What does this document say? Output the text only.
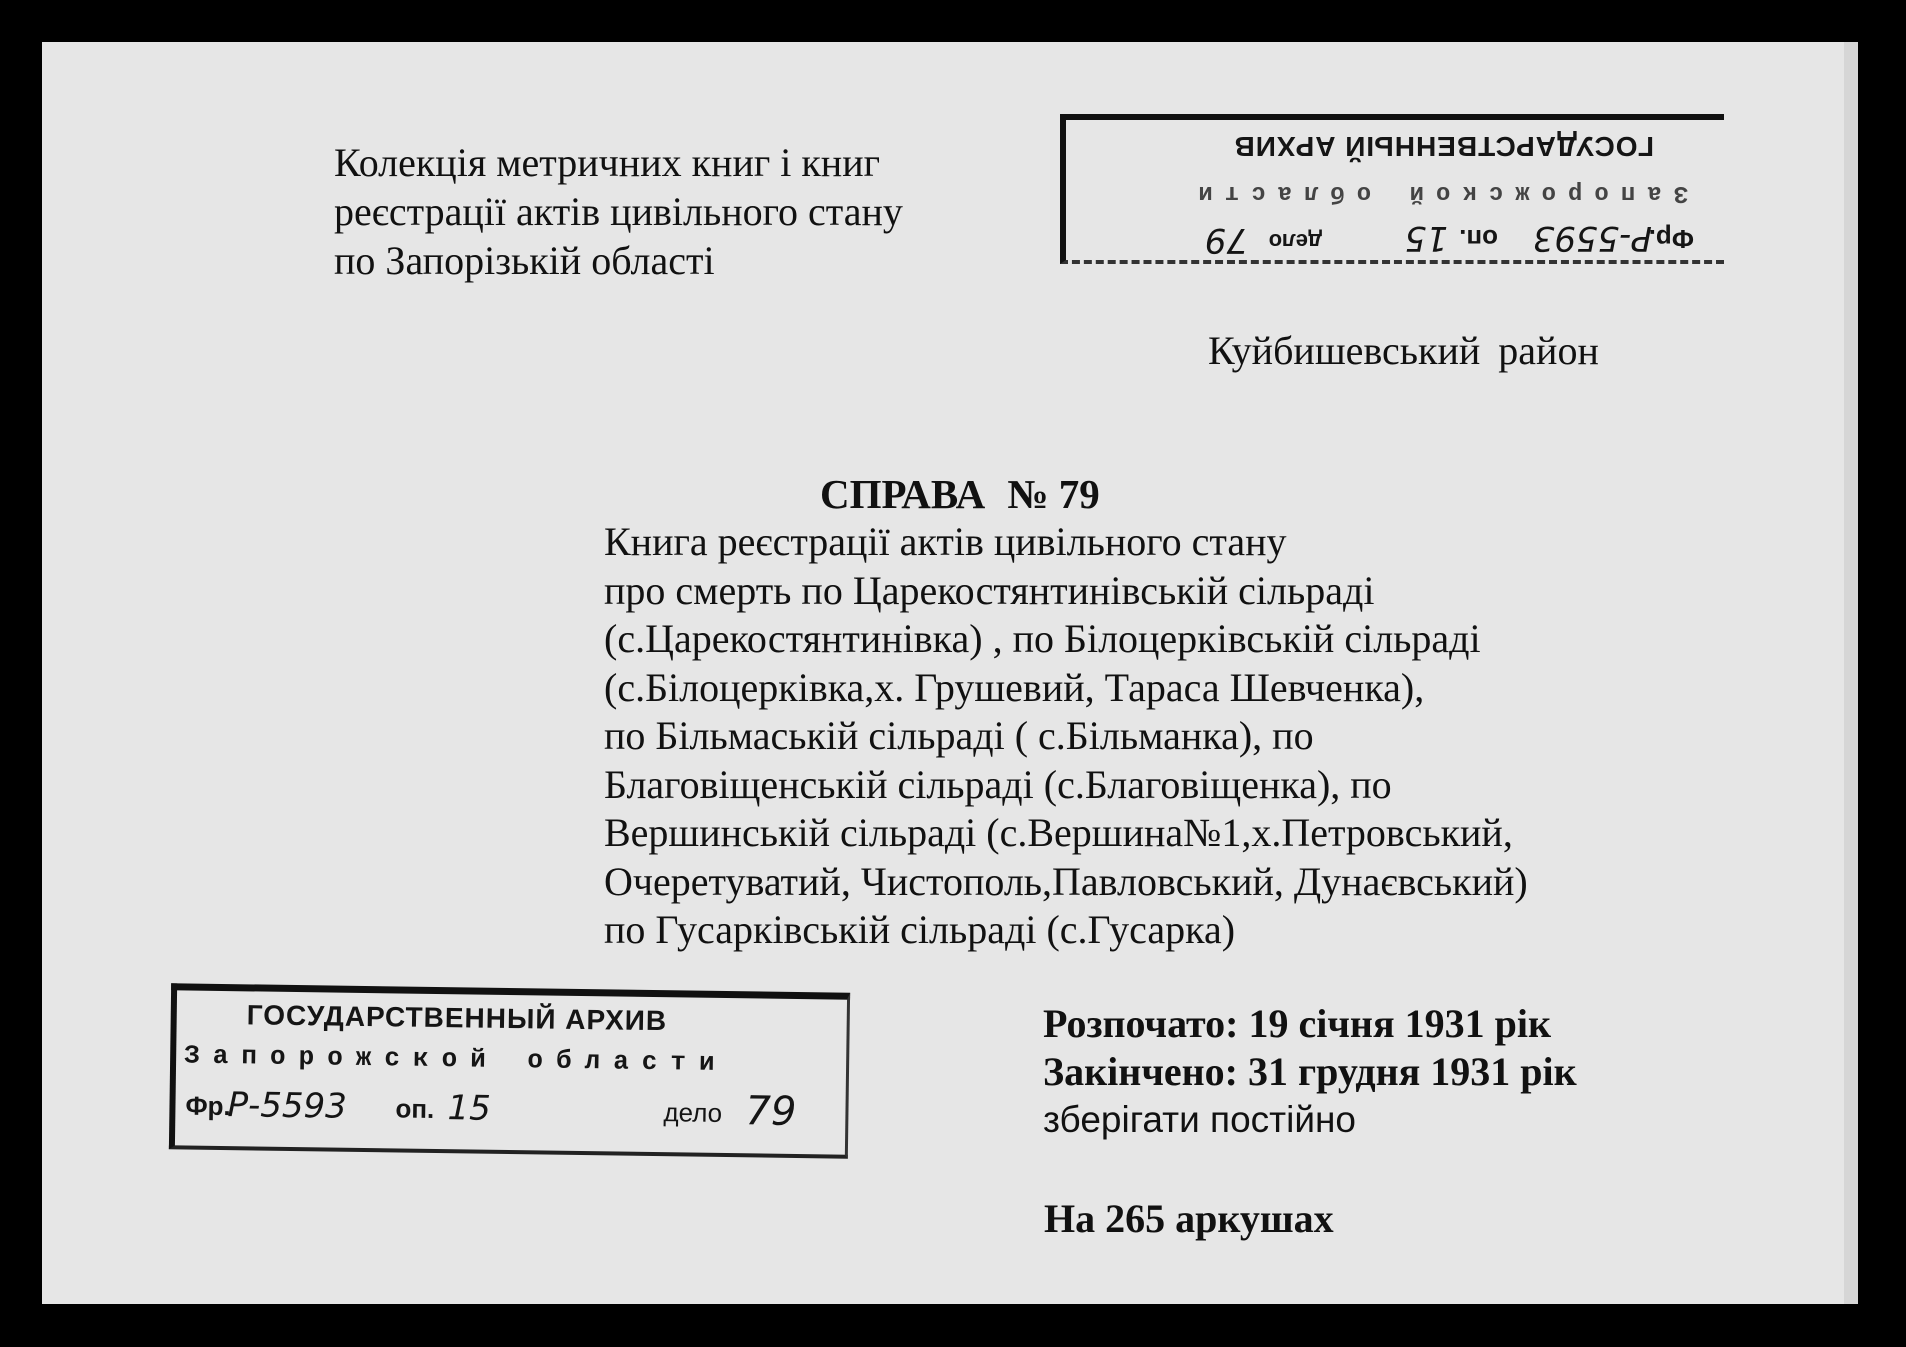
Колекція метричних книг і книг
реєстрації актів цивільного стану
по Запорізькій області	Фр.
Р-5593
оп.
15
дело
79
Запорожской области
ГОСУДАРСТВЕННЫЙ АРХИВ
Куйбишевський район
СПРАВА № 79
Книга реєстрації актів цивільного стану
про смерть по Царекостянтинівській сільраді
(с.Царекостянтинівка) , по Білоцерківській сільраді
(с.Білоцерківка,х. Грушевий, Тараса Шевченка),
по Більмаській сільраді ( с.Більманка), по
Благовіщенській сільраді (с.Благовіщенка), по
Вершинській сільраді (с.Вершина№1,х.Петровський,
Очеретуватий, Чистополь,Павловський, Дунаєвський)
по Гусарківській сільраді (с.Гусарка)
ГОСУДАРСТВЕННЫЙ АРХИВ
Запорожской области
Фр.
Р-5593 оп. 15	дело 79
Розпочато: 19 січня 1931 рік
Закінчено: 31 грудня 1931 рік
зберігати постійно
На 265 аркушах
